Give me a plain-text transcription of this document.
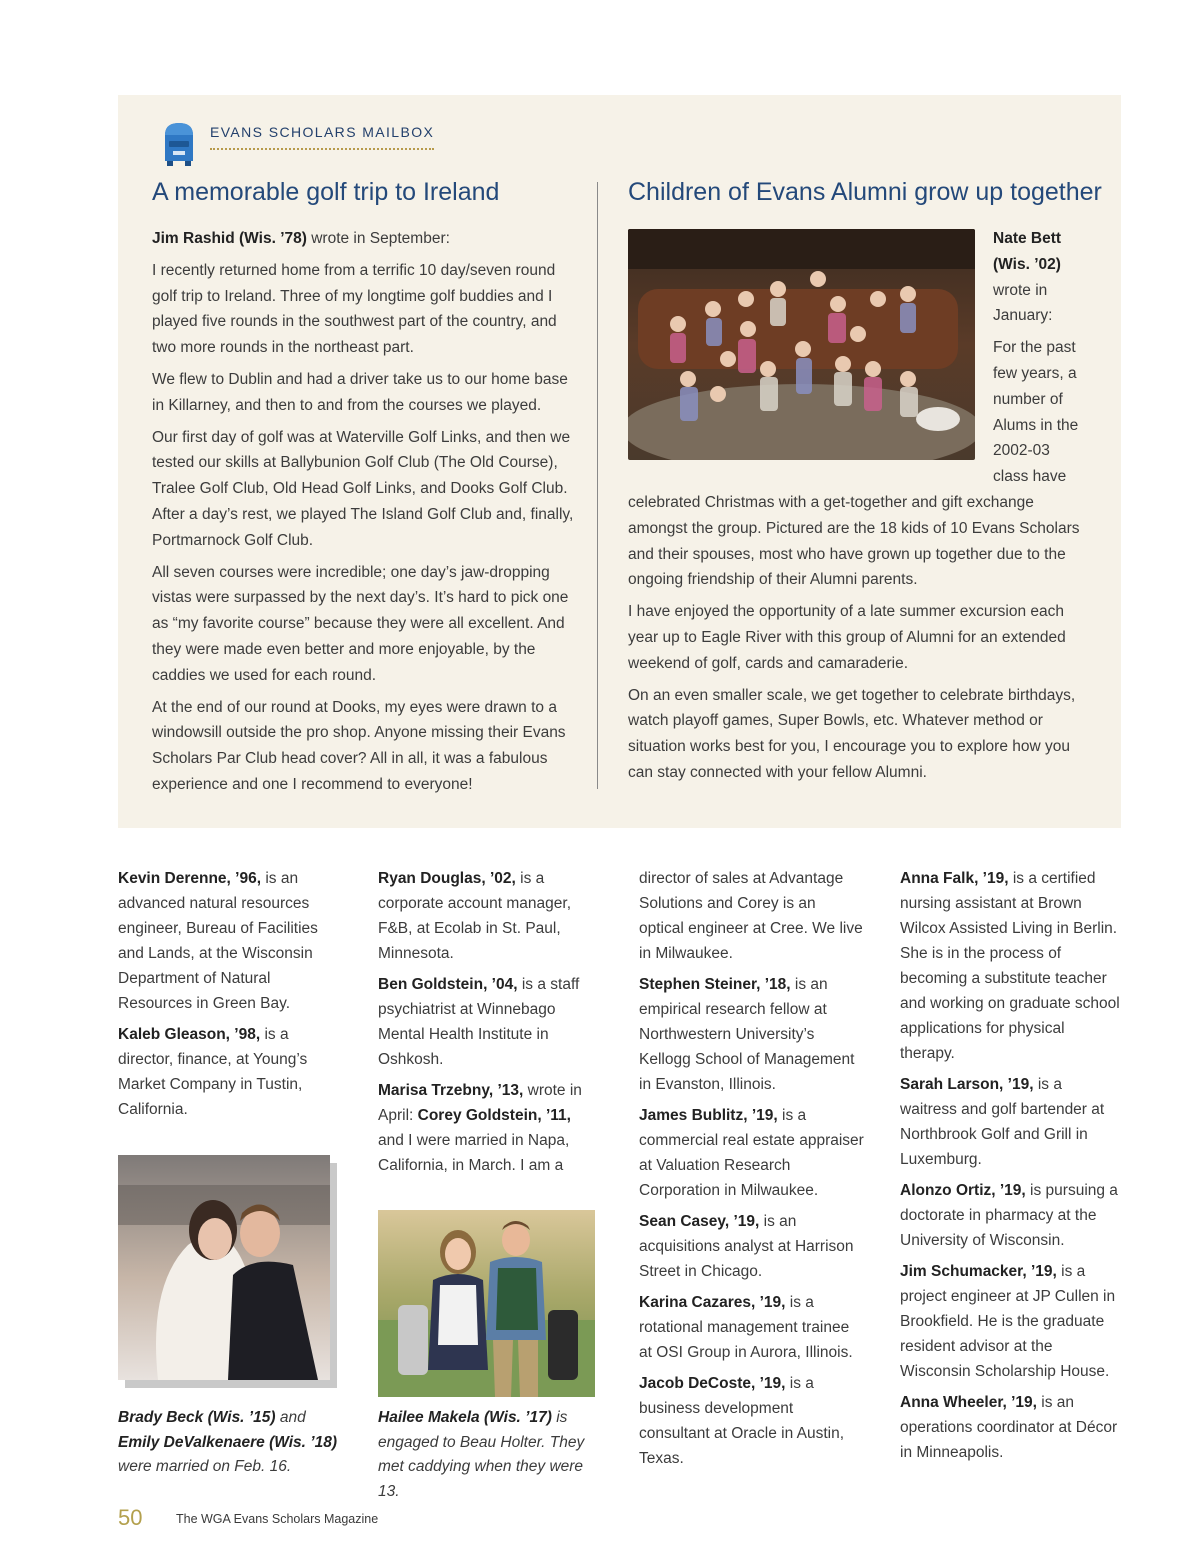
EVANS SCHOLARS MAILBOX
A memorable golf trip to Ireland

Jim Rashid (Wis. ’78) wrote in September:

I recently returned home from a terrific 10 day/seven round golf trip to Ireland. Three of my longtime golf buddies and I played five rounds in the southwest part of the country, and two more rounds in the northeast part.

We flew to Dublin and had a driver take us to our home base in Killarney, and then to and from the courses we played.

Our first day of golf was at Waterville Golf Links, and then we tested our skills at Ballybunion Golf Club (The Old Course), Tralee Golf Club, Old Head Golf Links, and Dooks Golf Club. After a day’s rest, we played The Island Golf Club and, finally, Portmarnock Golf Club.

All seven courses were incredible; one day’s jaw-dropping vistas were surpassed by the next day’s. It’s hard to pick one as “my favorite course” because they were all excellent. And they were made even better and more enjoyable, by the caddies we used for each round.

At the end of our round at Dooks, my eyes were drawn to a windowsill outside the pro shop. Anyone missing their Evans Scholars Par Club head cover? All in all, it was a fabulous experience and one I recommend to everyone!

Children of Evans Alumni grow up together

Nate Bett (Wis. ’02) wrote in January:

For the past few years, a number of Alums in the 2002-03 class have celebrated Christmas with a get-together and gift exchange amongst the group. Pictured are the 18 kids of 10 Evans Scholars and their spouses, most who have grown up together due to the ongoing friendship of their Alumni parents.

I have enjoyed the opportunity of a late summer excursion each year up to Eagle River with this group of Alumni for an extended weekend of golf, cards and camaraderie.

On an even smaller scale, we get together to celebrate birthdays, watch playoff games, Super Bowls, etc. Whatever method or situation works best for you, I encourage you to explore how you can stay connected with your fellow Alumni.

Kevin Derenne, ’96, is an advanced natural resources engineer, Bureau of Facilities and Lands, at the Wisconsin Department of Natural Resources in Green Bay.

Kaleb Gleason, ’98, is a director, finance, at Young’s Market Company in Tustin, California.

Brady Beck (Wis. ’15) and Emily DeValkenaere (Wis. ’18) were married on Feb. 16.

Ryan Douglas, ’02, is a corporate account manager, F&B, at Ecolab in St. Paul, Minnesota.

Ben Goldstein, ’04, is a staff psychiatrist at Winnebago Mental Health Institute in Oshkosh.

Marisa Trzebny, ’13, wrote in April: Corey Goldstein, ’11, and I were married in Napa, California, in March. I am a

Hailee Makela (Wis. ’17) is engaged to Beau Holter. They met caddying when they were 13.

director of sales at Advantage Solutions and Corey is an optical engineer at Cree. We live in Milwaukee.

Stephen Steiner, ’18, is an empirical research fellow at Northwestern University’s Kellogg School of Management in Evanston, Illinois.

James Bublitz, ’19, is a commercial real estate appraiser at Valuation Research Corporation in Milwaukee.

Sean Casey, ’19, is an acquisitions analyst at Harrison Street in Chicago.

Karina Cazares, ’19, is a rotational management trainee at OSI Group in Aurora, Illinois.

Jacob DeCoste, ’19, is a business development consultant at Oracle in Austin, Texas.

Anna Falk, ’19, is a certified nursing assistant at Brown Wilcox Assisted Living in Berlin. She is in the process of becoming a substitute teacher and working on graduate school applications for physical therapy.

Sarah Larson, ’19, is a waitress and golf bartender at Northbrook Golf and Grill in Luxemburg.

Alonzo Ortiz, ’19, is pursuing a doctorate in pharmacy at the University of Wisconsin.

Jim Schumacker, ’19, is a project engineer at JP Cullen in Brookfield. He is the graduate resident advisor at the Wisconsin Scholarship House.

Anna Wheeler, ’19, is an operations coordinator at Décor in Minneapolis.

50	The WGA Evans Scholars Magazine
